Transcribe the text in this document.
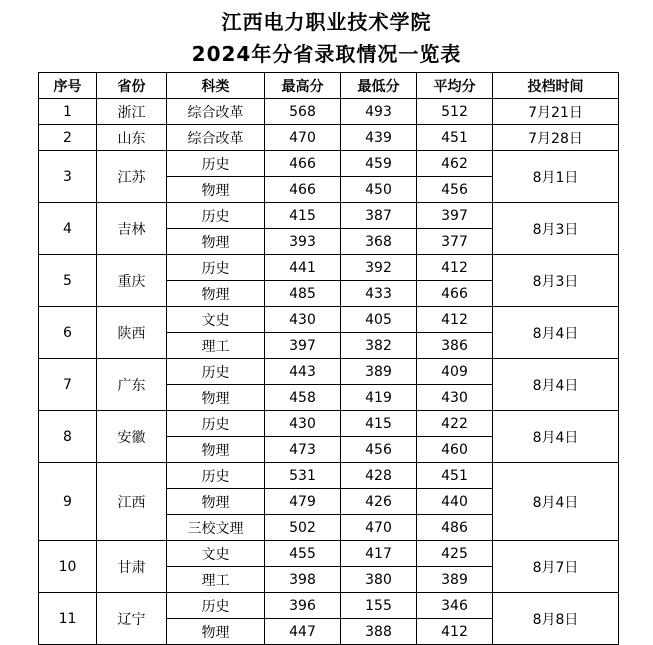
江西电力职业技术学院
2024年分省录取情况一览表
序号	省份	科类	最高分	最低分	平均分	投档时间
1	浙江	综合改革	568	493	512	7月21日
2	山东	综合改革	470	439	451	7月28日
3	江苏	历史	466	459	462	8月1日
		物理	466	450	456	
4	吉林	历史	415	387	397	8月3日
		物理	393	368	377	
5	重庆	历史	441	392	412	8月3日
		物理	485	433	466	
6	陕西	文史	430	405	412	8月4日
		理工	397	382	386	
7	广东	历史	443	389	409	8月4日
		物理	458	419	430	
8	安徽	历史	430	415	422	8月4日
		物理	473	456	460	
9	江西	历史	531	428	451	8月4日
		物理	479	426	440	
		三校文理	502	470	486	
10	甘肃	文史	455	417	425	8月7日
		理工	398	380	389	
11	辽宁	历史	396	155	346	8月8日
		物理	447	388	412	
